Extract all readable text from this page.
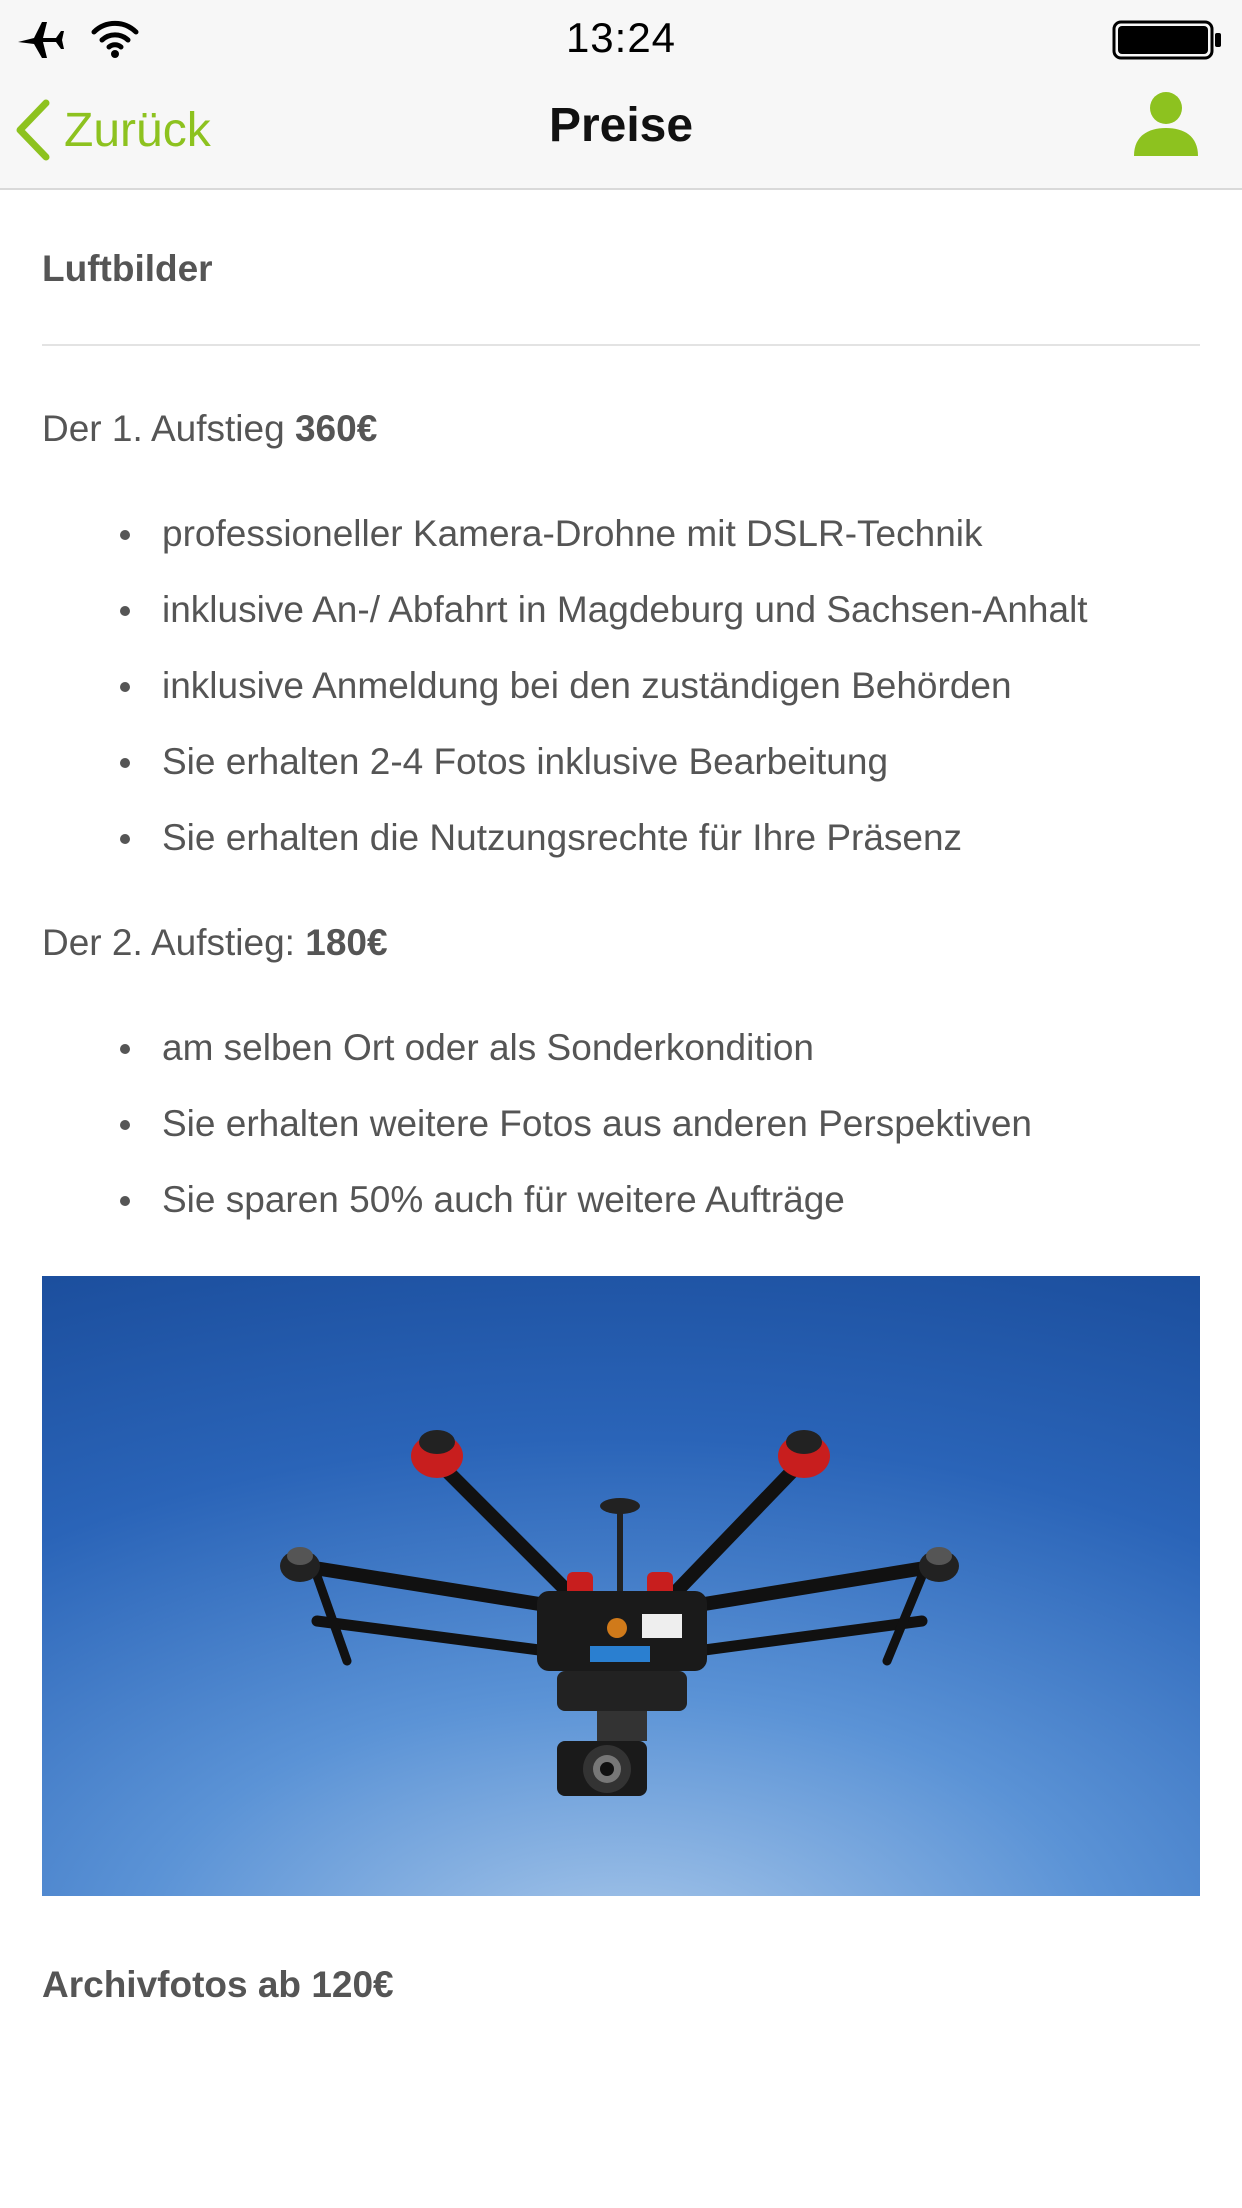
13:24
Zurück	Preise
Luftbilder

Der 1. Aufstieg 360€

professioneller Kamera-Drohne mit DSLR-Technik
inklusive An-/ Abfahrt in Magdeburg und Sachsen-Anhalt
inklusive Anmeldung bei den zuständigen Behörden
Sie erhalten 2-4 Fotos inklusive Bearbeitung
Sie erhalten die Nutzungsrechte für Ihre Präsenz

Der 2. Aufstieg: 180€

am selben Ort oder als Sonderkondition
Sie erhalten weitere Fotos aus anderen Perspektiven
Sie sparen 50% auch für weitere Aufträge
Archivfotos ab 120€
